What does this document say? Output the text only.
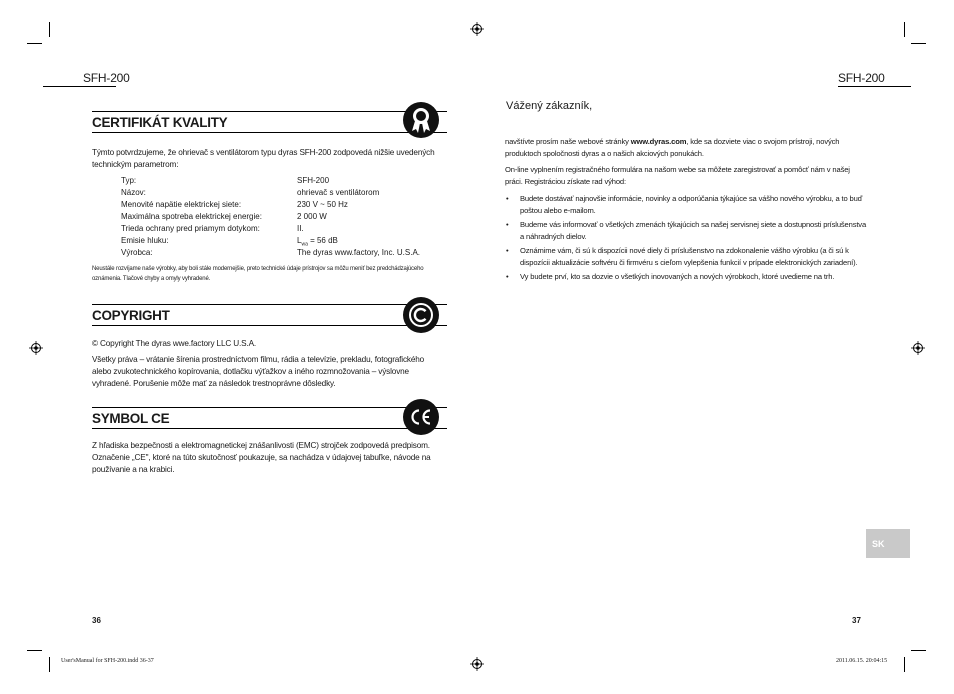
SFH-200	SFH-200
CERTIFIKÁT KVALITY
Týmto potvrdzujeme, že ohrievač s ventilátorom typu dyras SFH-200 zodpovedá nižšie uvedených technickým parametrom:
Typ:	SFH-200
Názov:	ohrievač s ventilátorom
Menovité napätie elektrickej siete:	230 V ~ 50 Hz
Maximálna spotreba elektrickej energie:	2 000 W
Trieda ochrany pred priamym dotykom:	II.
Emisie hluku:	$L_{wa} = 56$ dB
Výrobca:	The dyras www.factory, Inc. U.S.A.
Neustále rozvíjame naše výrobky, aby boli stále modernejšie, preto technické údaje prístrojov sa môžu meniť bez predchádzajúceho oznámenia. Tlačové chyby a omyly vyhradené.
COPYRIGHT
© Copyright The dyras wwe.factory LLC U.S.A.
Všetky práva – vrátanie šírenia prostredníctvom filmu, rádia a televízie, prekladu, fotografického alebo zvukotechnického kopírovania, dotlačku výťažkov a iného rozmnožovania – výslovne vyhradené. Porušenie môže mať za následok trestnoprávne dôsledky.
SYMBOL CE
Z hľadiska bezpečnosti a elektromagnetickej znášanlivosti (EMC) strojček zodpovedá predpisom. Označenie „CE", ktoré na túto skutočnosť poukazuje, sa nachádza v údajovej tabuľke, návode na používanie a na krabici.
Vážený zákazník,
navštívte prosím naše webové stránky www.dyras.com, kde sa dozviete viac o svojom prístroji, nových produktoch spoločnosti dyras a o našich akciových ponukách.
On-line vyplnením registračného formulára na našom webe sa môžete zaregistrovať a pomôcť nám v našej práci. Registráciou získate rad výhod:
• Budete dostávať najnovšie informácie, novinky a odporúčania týkajúce sa vášho nového výrobku, a to buď poštou alebo e-mailom.
• Budeme vás informovať o všetkých zmenách týkajúcich sa našej servisnej siete a dostupnosti príslušenstva a náhradných dielov.
• Oznámime vám, či sú k dispozícii nové diely či príslušenstvo na zdokonalenie vášho výrobku (a či sú k dispozícii aktualizácie softvéru či firmvéru s cieľom vylepšenia funkcií v prípade elektronických zariadení).
• Vy budete prví, kto sa dozvie o všetkých inovovaných a nových výrobkoch, ktoré uvedieme na trh.
SK
36	37
User'sManual for SFH-200.indd 36-37	2011.06.15. 20:04:15
